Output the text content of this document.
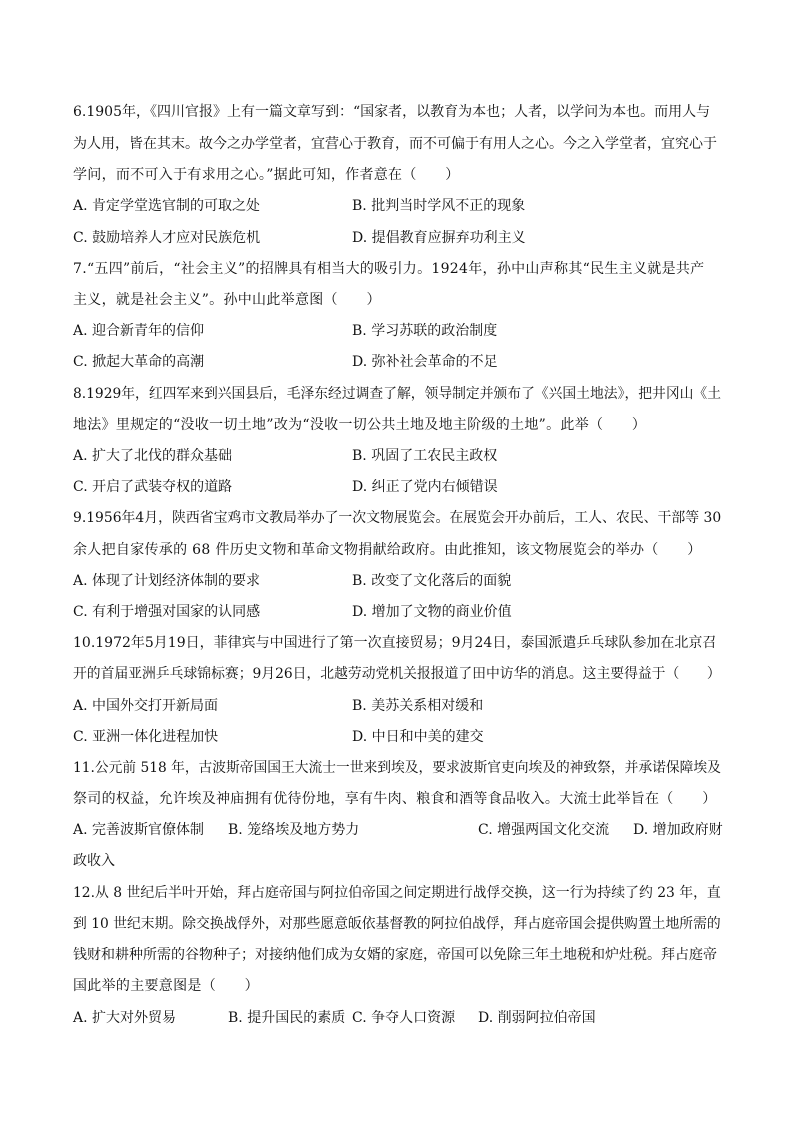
6.1905年，《四川官报》上有一篇文章写到：“国家者，以教育为本也；人者，以学问为本也。而用人与
为人用，皆在其末。故今之办学堂者，宜营心于教育，而不可偏于有用人之心。今之入学堂者，宜究心于
学问，而不可入于有求用之心。”据此可知，作者意在（　　）
A. 肯定学堂选官制的可取之处	B. 批判当时学风不正的现象
C. 鼓励培养人才应对民族危机	D. 提倡教育应摒弃功利主义
7.“五四”前后，“社会主义”的招牌具有相当大的吸引力。1924年，孙中山声称其“民生主义就是共产
主义，就是社会主义”。孙中山此举意图（　　）
A. 迎合新青年的信仰	B. 学习苏联的政治制度
C. 掀起大革命的高潮	D. 弥补社会革命的不足
8.1929年，红四军来到兴国县后，毛泽东经过调查了解，领导制定并颁布了《兴国土地法》，把井冈山《土
地法》里规定的“没收一切土地”改为“没收一切公共土地及地主阶级的土地”。此举（　　）
A. 扩大了北伐的群众基础	B. 巩固了工农民主政权
C. 开启了武装夺权的道路	D. 纠正了党内右倾错误
9.1956年4月，陕西省宝鸡市文教局举办了一次文物展览会。在展览会开办前后，工人、农民、干部等 30
余人把自家传承的 68 件历史文物和革命文物捐献给政府。由此推知，该文物展览会的举办（　　）
A. 体现了计划经济体制的要求	B. 改变了文化落后的面貌
C. 有利于增强对国家的认同感	D. 增加了文物的商业价值
10.1972年5月19日，菲律宾与中国进行了第一次直接贸易；9月24日，泰国派遣乒乓球队参加在北京召
开的首届亚洲乒乓球锦标赛；9月26日，北越劳动党机关报报道了田中访华的消息。这主要得益于（　　）
A. 中国外交打开新局面	B. 美苏关系相对缓和
C. 亚洲一体化进程加快	D. 中日和中美的建交
11.公元前 518 年，古波斯帝国国王大流士一世来到埃及，要求波斯官吏向埃及的神致祭，并承诺保障埃及
祭司的权益，允许埃及神庙拥有优待份地，享有牛肉、粮食和酒等食品收入。大流士此举旨在（　　）
A. 完善波斯官僚体制 B. 笼络埃及地方势力	C. 增强两国文化交流 D. 增加政府财
政收入
12.从 8 世纪后半叶开始，拜占庭帝国与阿拉伯帝国之间定期进行战俘交换，这一行为持续了约 23 年，直
到 10 世纪末期。除交换战俘外，对那些愿意皈依基督教的阿拉伯战俘，拜占庭帝国会提供购置土地所需的
钱财和耕种所需的谷物种子；对接纳他们成为女婿的家庭，帝国可以免除三年土地税和炉灶税。拜占庭帝
国此举的主要意图是（　　）
A. 扩大对外贸易	B. 提升国民的素质 C. 争夺人口资源 D. 削弱阿拉伯帝国
